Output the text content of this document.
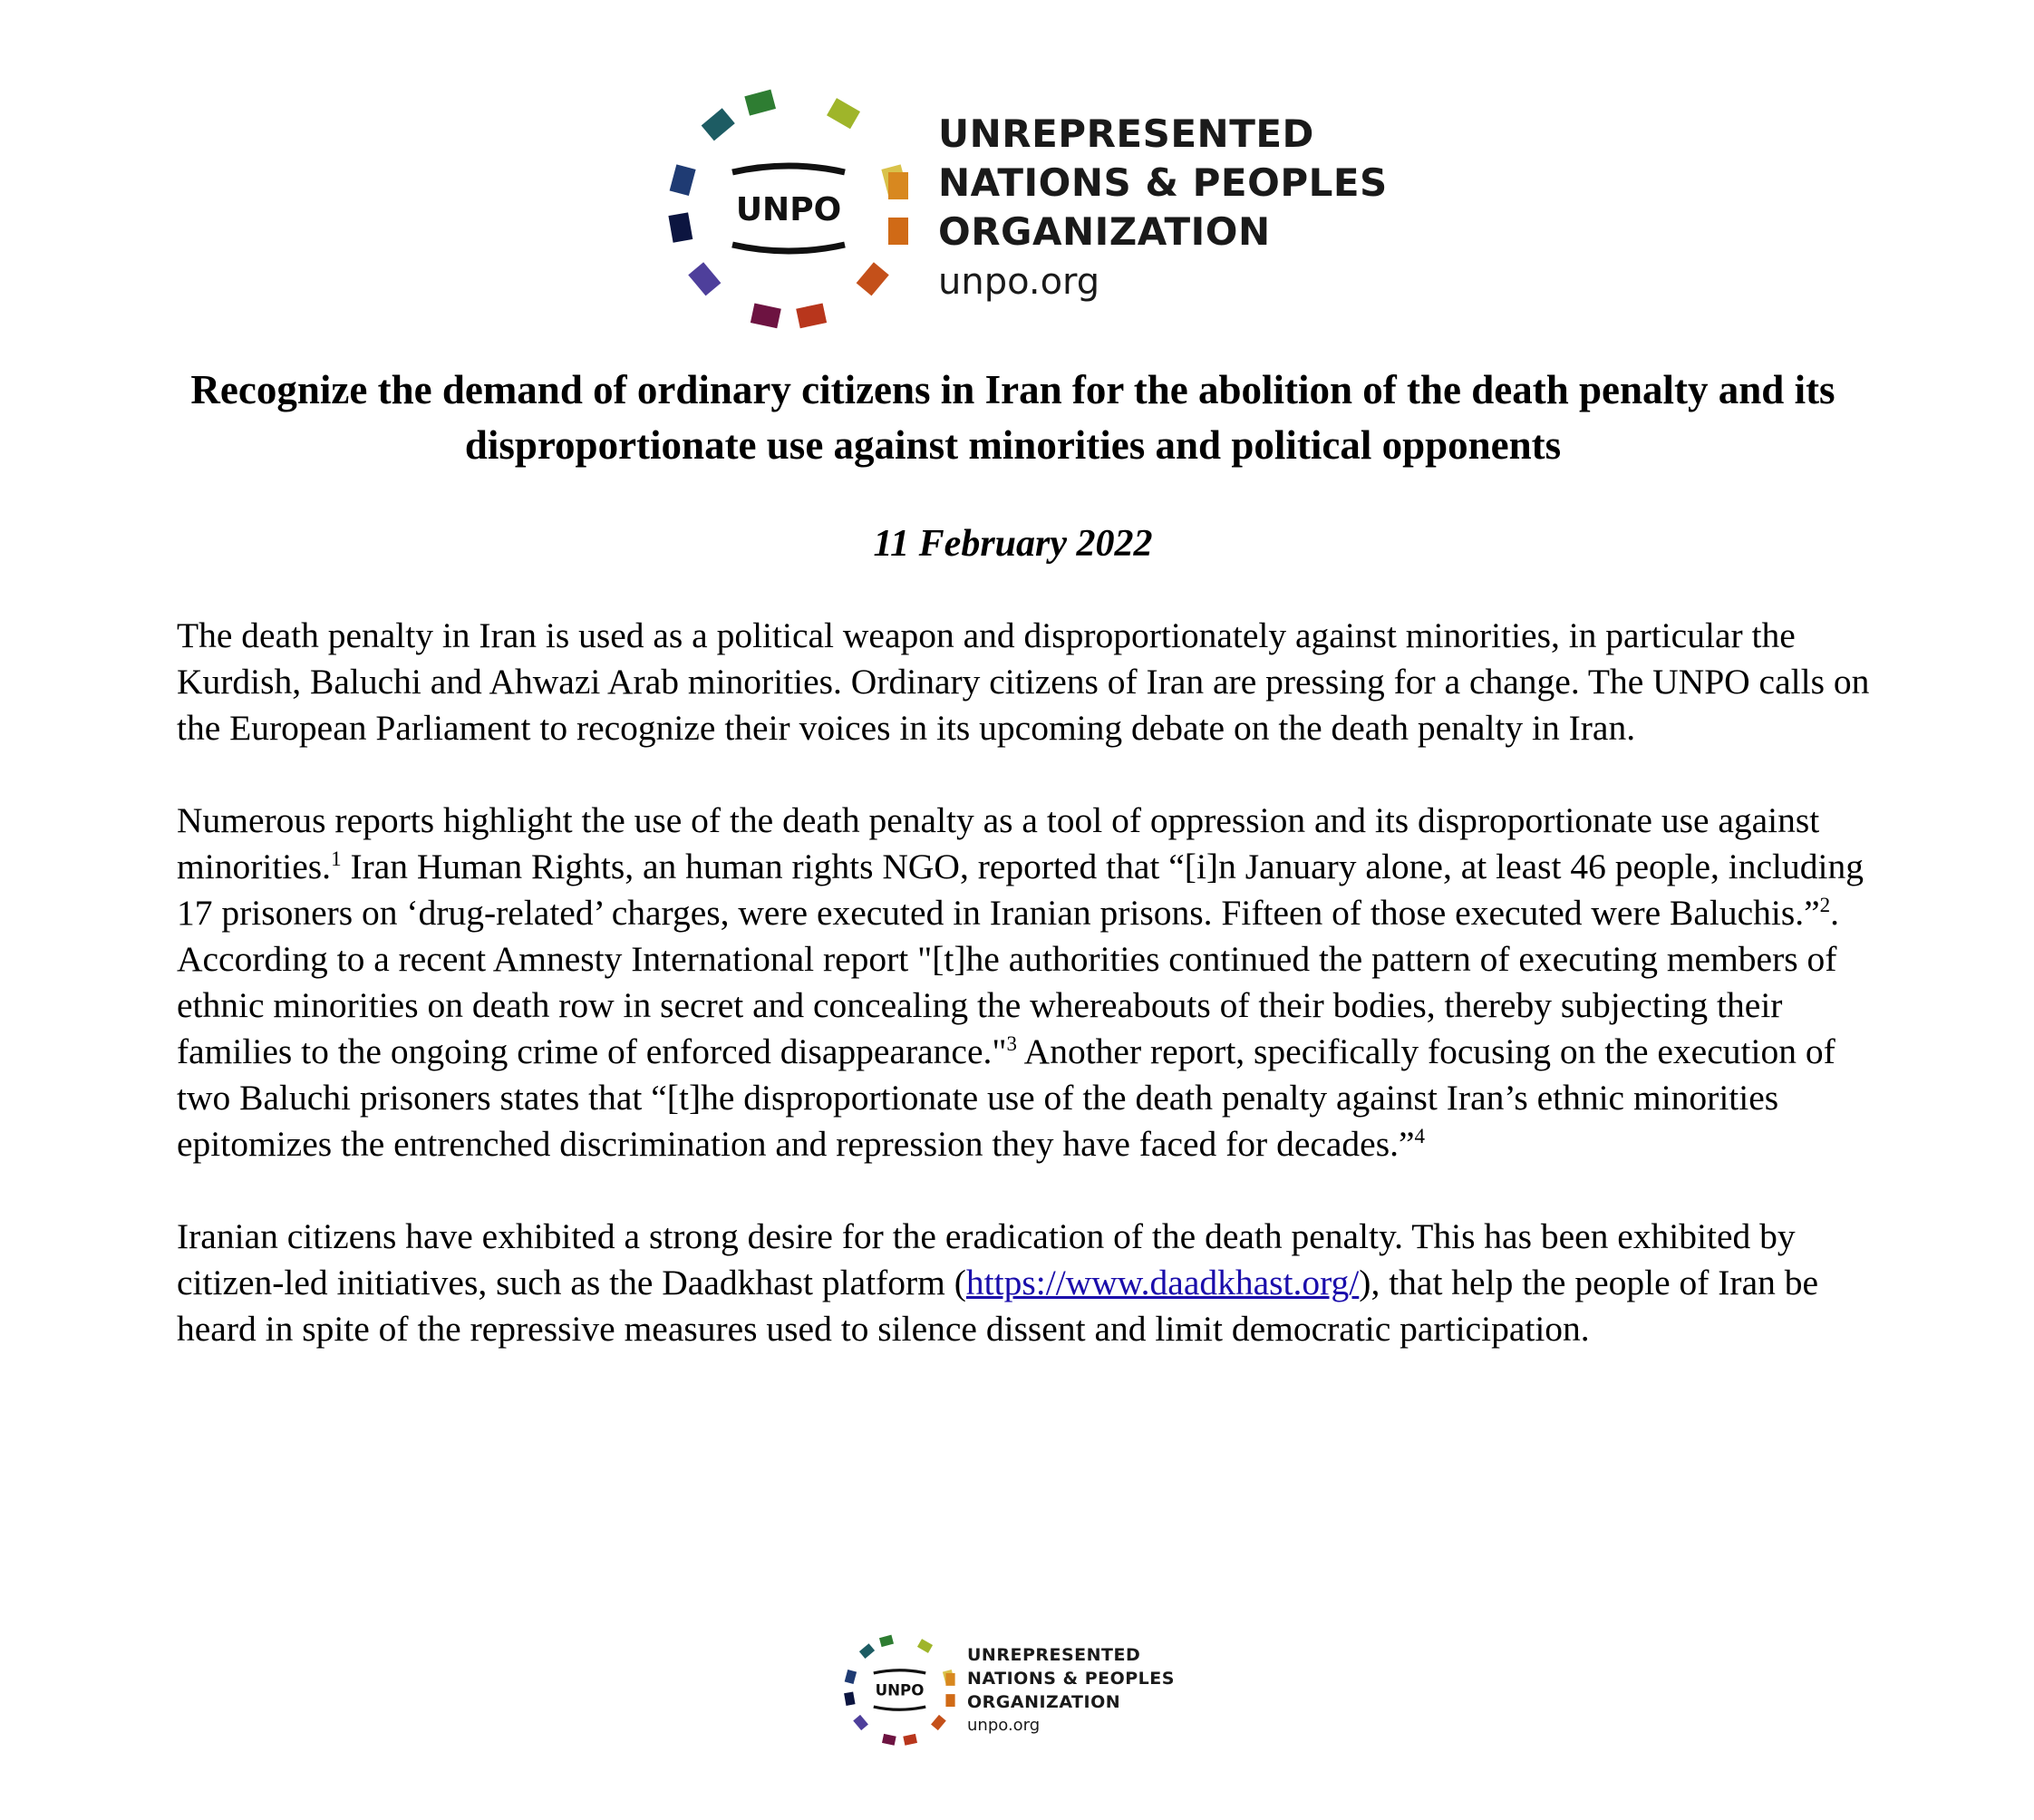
UNPO
UNREPRESENTED
NATIONS & PEOPLES
ORGANIZATION
unpo.org
Recognize the demand of ordinary citizens in Iran for the abolition of the death penalty and its disproportionate use against minorities and political opponents

11 February 2022

The death penalty in Iran is used as a political weapon and disproportionately against minorities, in particular the Kurdish, Baluchi and Ahwazi Arab minorities. Ordinary citizens of Iran are pressing for a change. The UNPO calls on the European Parliament to recognize their voices in its upcoming debate on the death penalty in Iran.

Numerous reports highlight the use of the death penalty as a tool of oppression and its disproportionate use against minorities.$^1$ Iran Human Rights, an human rights NGO, reported that “[i]n January alone, at least 46 people, including 17 prisoners on ‘drug-related’ charges, were executed in Iranian prisons. Fifteen of those executed were Baluchis.”$^2$. According to a recent Amnesty International report "[t]he authorities continued the pattern of executing members of ethnic minorities on death row in secret and concealing the whereabouts of their bodies, thereby subjecting their families to the ongoing crime of enforced disappearance."$^3$ Another report, specifically focusing on the execution of two Baluchi prisoners states that “[t]he disproportionate use of the death penalty against Iran’s ethnic minorities epitomizes the entrenched discrimination and repression they have faced for decades.”$^4$

Iranian citizens have exhibited a strong desire for the eradication of the death penalty. This has been exhibited by citizen-led initiatives, such as the Daadkhast platform (https://www.daadkhast.org/), that help the people of Iran be heard in spite of the repressive measures used to silence dissent and limit democratic participation.

UNPO
UNREPRESENTED
NATIONS & PEOPLES
ORGANIZATION
unpo.org
